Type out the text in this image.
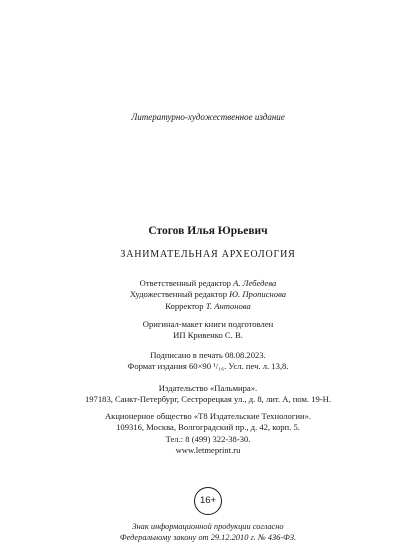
Литературно-художественное издание
Стогов Илья Юрьевич
ЗАНИМАТЕЛЬНАЯ АРХЕОЛОГИЯ
Ответственный редактор А. Лебедева
Художественный редактор Ю. Прописнова
Корректор Т. Антонова
Оригинал-макет книги подготовлен
ИП Кривенко С. В.
Подписано в печать 08.08.2023.
Формат издания 60×90 ¹/₁₆. Усл. печ. л. 13,8.
Издательство «Пальмира».
197183, Санкт-Петербург, Сестрорецкая ул., д. 8, лит. А, пом. 19-Н.
Акционерное общество «Т8 Издательские Технологии».
109316, Москва, Волгоградский пр., д. 42, корп. 5.
Тел.: 8 (499) 322-38-30.
www.letmeprint.ru
16+
Знак информационной продукции согласно
Федеральному закону от 29.12.2010 г. № 436-ФЗ.
